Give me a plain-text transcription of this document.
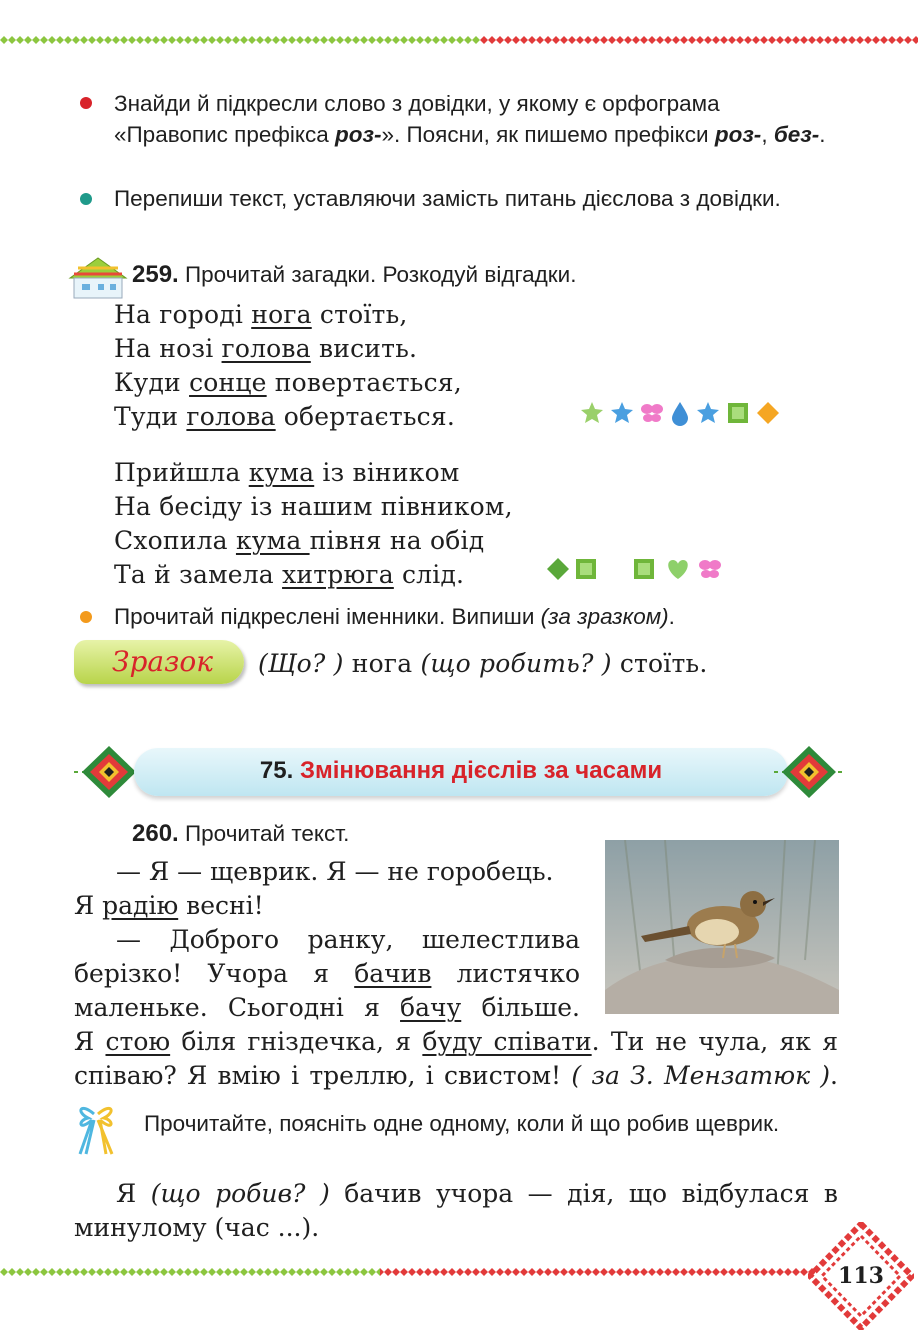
Знайди й підкресли слово з довідки, у якому є орфограма «Правопис префікса роз-». Поясни, як пишемо префікси роз-, без-.
Перепиши текст, уставляючи замість питань дієслова з довідки.
259. Прочитай загадки. Розкодуй відгадки.
На городі нога стоїть,
На нозі голова висить.
Куди сонце повертається,
Туди голова обертається.
Прийшла кума із віником
На бесіду із нашим півником,
Схопила кума півня на обід
Та й замела хитрюга слід.
Прочитай підкреслені іменники. Випиши (за зразком).
Зразок (Що? ) нога (що робить? ) стоїть.
75. Змінювання дієслів за часами
260. Прочитай текст.
— Я — щеврик. Я — не горобець.
Я радію весні!
— Доброго ранку, шелестлива
берізко! Учора я бачив листячко
маленьке. Сьогодні я бачу більше.
Я стою біля гніздечка, я буду співати. Ти не чула, як я
співаю? Я вмію і треллю, і свистом! ( за З. Мензатюк ).
Прочитайте, поясніть одне одному, коли й що робив щеврик.
Я (що робив? ) бачив учора — дія, що відбулася в
минулому (час ...).
113
